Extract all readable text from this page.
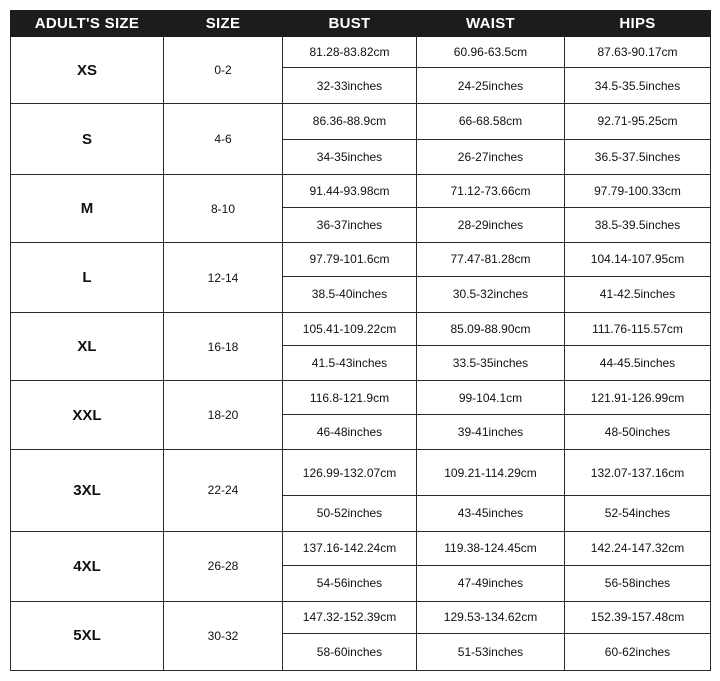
ADULT'S SIZE	SIZE	BUST	WAIST	HIPS
XS	0-2	81.28-83.82cm	60.96-63.5cm	87.63-90.17cm
		32-33inches	24-25inches	34.5-35.5inches
S	4-6	86.36-88.9cm	66-68.58cm	92.71-95.25cm
		34-35inches	26-27inches	36.5-37.5inches
M	8-10	91.44-93.98cm	71.12-73.66cm	97.79-100.33cm
		36-37inches	28-29inches	38.5-39.5inches
L	12-14	97.79-101.6cm	77.47-81.28cm	104.14-107.95cm
		38.5-40inches	30.5-32inches	41-42.5inches
XL	16-18	105.41-109.22cm	85.09-88.90cm	111.76-115.57cm
		41.5-43inches	33.5-35inches	44-45.5inches
XXL	18-20	116.8-121.9cm	99-104.1cm	121.91-126.99cm
		46-48inches	39-41inches	48-50inches
3XL	22-24	126.99-132.07cm	109.21-114.29cm	132.07-137.16cm
		50-52inches	43-45inches	52-54inches
4XL	26-28	137.16-142.24cm	119.38-124.45cm	142.24-147.32cm
		54-56inches	47-49inches	56-58inches
5XL	30-32	147.32-152.39cm	129.53-134.62cm	152.39-157.48cm
		58-60inches	51-53inches	60-62inches
